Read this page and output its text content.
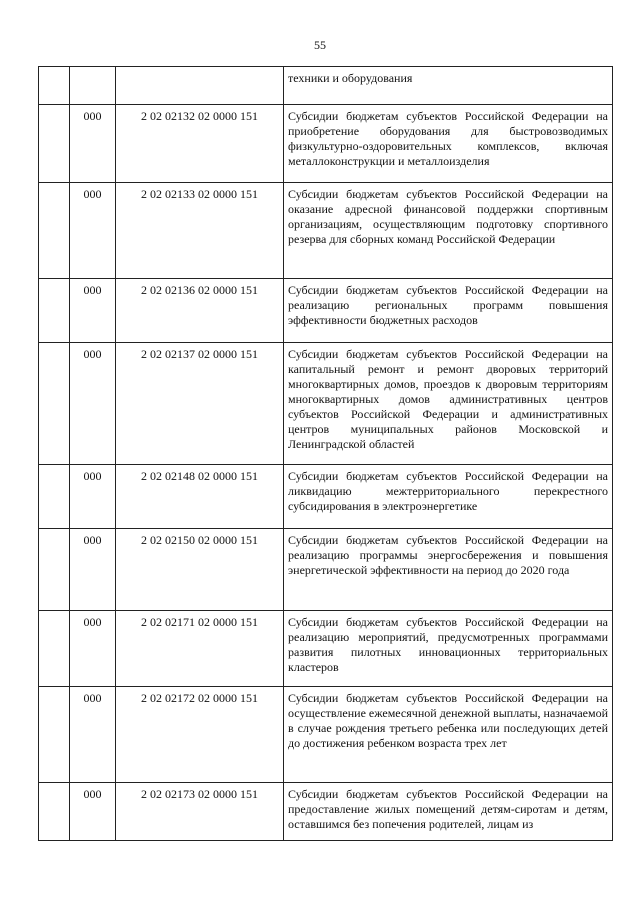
55
			техники и оборудования
	000	2 02 02132 02 0000 151	Субсидии бюджетам субъектов Российской Федерации на приобретение оборудования для быстровозводимых физкультурно-оздоровительных комплексов, включая металлоконструкции и металлоизделия
	000	2 02 02133 02 0000 151	Субсидии бюджетам субъектов Российской Федерации на оказание адресной финансовой поддержки спортивным организациям, осуществляющим подготовку спортивного резерва для сборных команд Российской Федерации
	000	2 02 02136 02 0000 151	Субсидии бюджетам субъектов Российской Федерации на реализацию региональных программ повышения эффективности бюджетных расходов
	000	2 02 02137 02 0000 151	Субсидии бюджетам субъектов Российской Федерации на капитальный ремонт и ремонт дворовых территорий многоквартирных домов, проездов к дворовым территориям многоквартирных домов административных центров субъектов Российской Федерации и административных центров муниципальных районов Московской и Ленинградской областей
	000	2 02 02148 02 0000 151	Субсидии бюджетам субъектов Российской Федерации на ликвидацию межтерриториального перекрестного субсидирования в электроэнергетике
	000	2 02 02150 02 0000 151	Субсидии бюджетам субъектов Российской Федерации на реализацию программы энергосбережения и повышения энергетической эффективности на период до 2020 года
	000	2 02 02171 02 0000 151	Субсидии бюджетам субъектов Российской Федерации на реализацию мероприятий, предусмотренных программами развития пилотных инновационных территориальных кластеров
	000	2 02 02172 02 0000 151	Субсидии бюджетам субъектов Российской Федерации на осуществление ежемесячной денежной выплаты, назначаемой в случае рождения третьего ребенка или последующих детей до достижения ребенком возраста трех лет
	000	2 02 02173 02 0000 151	Субсидии бюджетам субъектов Российской Федерации на предоставление жилых помещений детям-сиротам и детям, оставшимся без попечения родителей, лицам из
